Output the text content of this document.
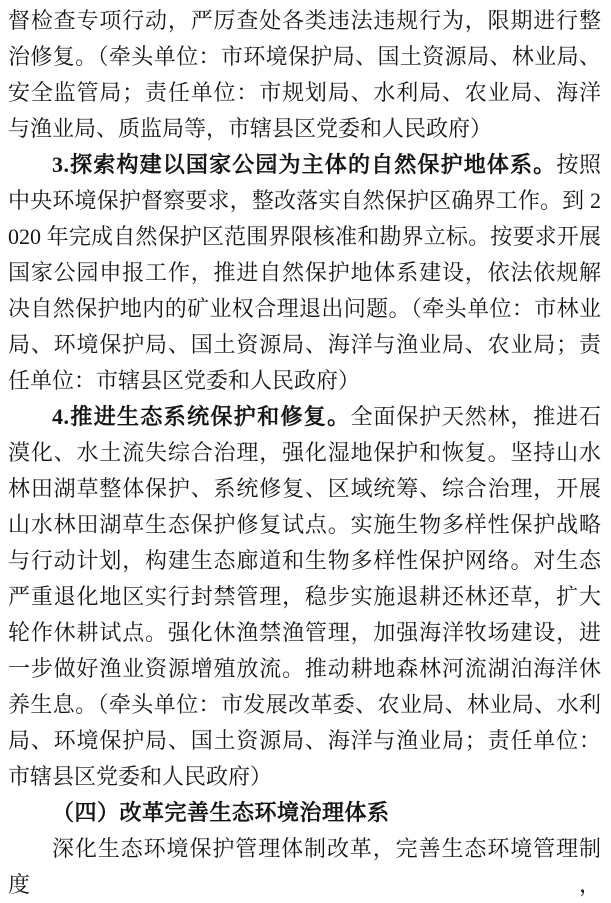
督检查专项行动，严厉查处各类违法违规行为，限期进行整治修复。（牵头单位：市环境保护局、国土资源局、林业局、安全监管局；责任单位：市规划局、水利局、农业局、海洋与渔业局、质监局等，市辖县区党委和人民政府）

3.探索构建以国家公园为主体的自然保护地体系。按照中央环境保护督察要求，整改落实自然保护区确界工作。到 2020 年完成自然保护区范围界限核准和勘界立标。按要求开展国家公园申报工作，推进自然保护地体系建设，依法依规解决自然保护地内的矿业权合理退出问题。（牵头单位：市林业局、环境保护局、国土资源局、海洋与渔业局、农业局；责任单位：市辖县区党委和人民政府）

4.推进生态系统保护和修复。全面保护天然林，推进石漠化、水土流失综合治理，强化湿地保护和恢复。坚持山水林田湖草整体保护、系统修复、区域统筹、综合治理，开展山水林田湖草生态保护修复试点。实施生物多样性保护战略与行动计划，构建生态廊道和生物多样性保护网络。对生态严重退化地区实行封禁管理，稳步实施退耕还林还草，扩大轮作休耕试点。强化休渔禁渔管理，加强海洋牧场建设，进一步做好渔业资源增殖放流。推动耕地森林河流湖泊海洋休养生息。（牵头单位：市发展改革委、农业局、林业局、水利局、环境保护局、国土资源局、海洋与渔业局；责任单位：市辖县区党委和人民政府）

（四）改革完善生态环境治理体系

深化生态环境保护管理体制改革，完善生态环境管理制度，
